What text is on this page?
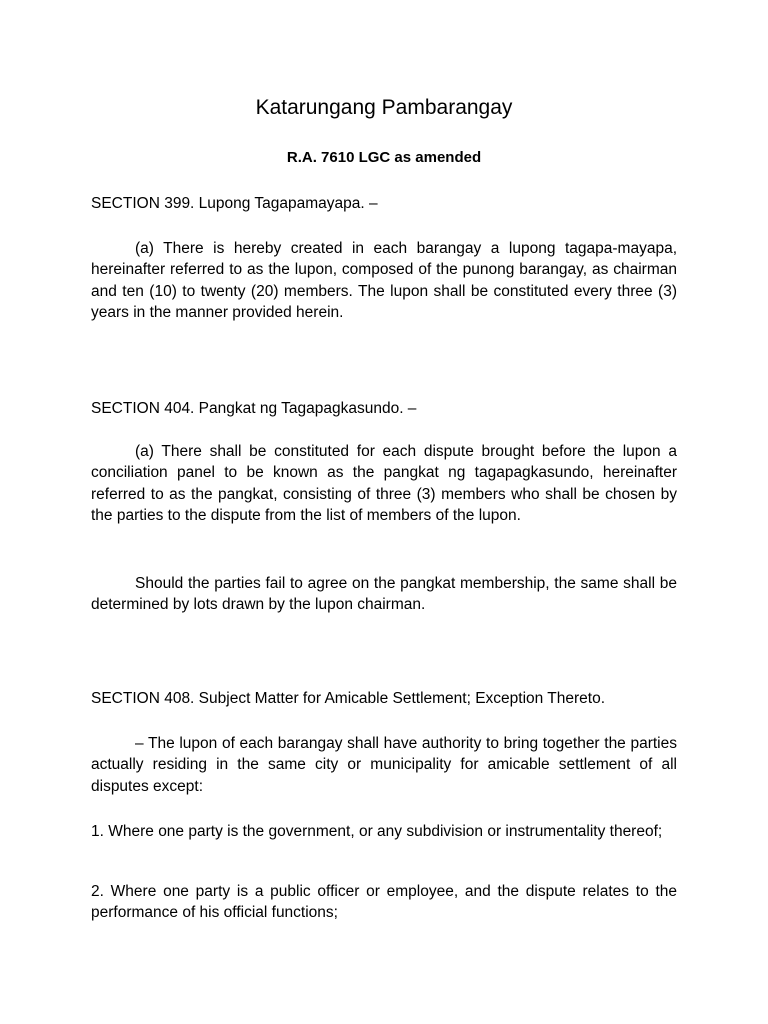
Katarungang Pambarangay
R.A. 7610 LGC as amended
SECTION 399. Lupong Tagapamayapa. –

(a) There is hereby created in each barangay a lupong tagapa-mayapa, hereinafter referred to as the lupon, composed of the punong barangay, as chairman and ten (10) to twenty (20) members. The lupon shall be constituted every three (3) years in the manner provided herein.

SECTION 404. Pangkat ng Tagapagkasundo. –

(a) There shall be constituted for each dispute brought before the lupon a conciliation panel to be known as the pangkat ng tagapagkasundo, hereinafter referred to as the pangkat, consisting of three (3) members who shall be chosen by the parties to the dispute from the list of members of the lupon.

Should the parties fail to agree on the pangkat membership, the same shall be determined by lots drawn by the lupon chairman.

SECTION 408. Subject Matter for Amicable Settlement; Exception Thereto.

– The lupon of each barangay shall have authority to bring together the parties actually residing in the same city or municipality for amicable settlement of all disputes except:

1. Where one party is the government, or any subdivision or instrumentality thereof;

2. Where one party is a public officer or employee, and the dispute relates to the performance of his official functions;
